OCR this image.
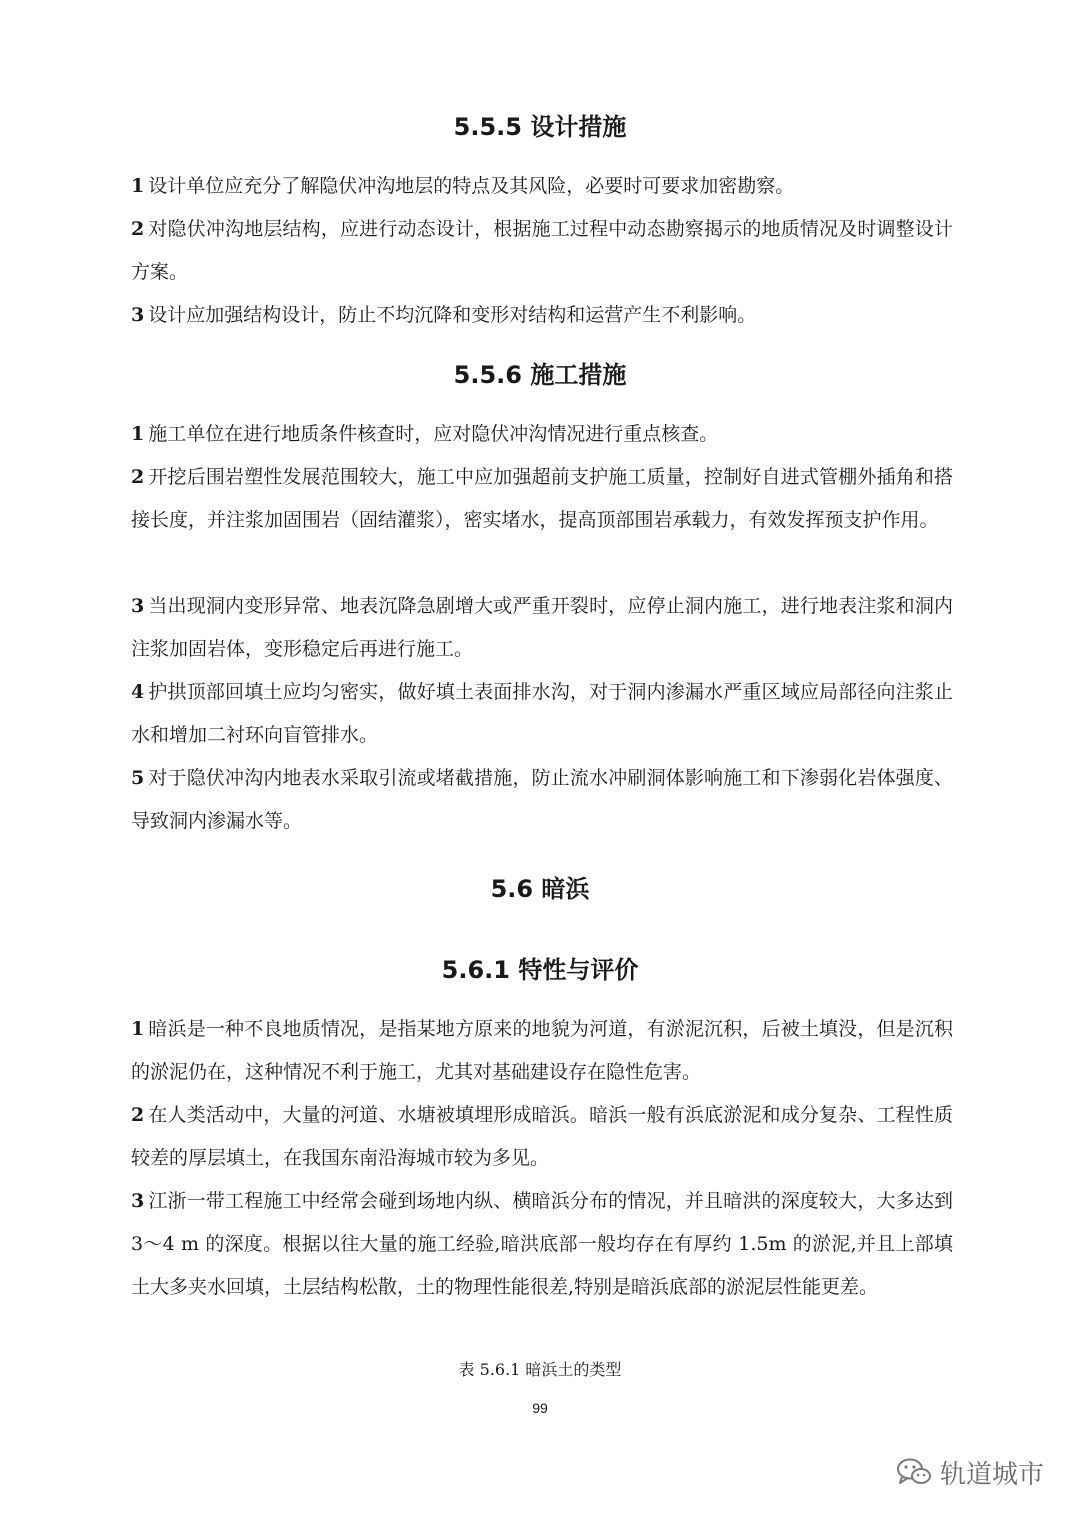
5.5.5 设计措施

1 设计单位应充分了解隐伏冲沟地层的特点及其风险，必要时可要求加密勘察。

2 对隐伏冲沟地层结构，应进行动态设计，根据施工过程中动态勘察揭示的地质情况及时调整设计方案。

3 设计应加强结构设计，防止不均沉降和变形对结构和运营产生不利影响。

5.5.6 施工措施

1 施工单位在进行地质条件核查时，应对隐伏冲沟情况进行重点核查。

2 开挖后围岩塑性发展范围较大，施工中应加强超前支护施工质量，控制好自进式管棚外插角和搭接长度，并注浆加固围岩（固结灌浆），密实堵水，提高顶部围岩承载力，有效发挥预支护作用。

3 当出现洞内变形异常、地表沉降急剧增大或严重开裂时，应停止洞内施工，进行地表注浆和洞内注浆加固岩体，变形稳定后再进行施工。

4 护拱顶部回填土应均匀密实，做好填土表面排水沟，对于洞内渗漏水严重区域应局部径向注浆止水和增加二衬环向盲管排水。

5 对于隐伏冲沟内地表水采取引流或堵截措施，防止流水冲刷洞体影响施工和下渗弱化岩体强度、导致洞内渗漏水等。

5.6 暗浜
5.6.1 特性与评价

1 暗浜是一种不良地质情况，是指某地方原来的地貌为河道，有淤泥沉积，后被土填没，但是沉积的淤泥仍在，这种情况不利于施工，尤其对基础建设存在隐性危害。

2 在人类活动中，大量的河道、水塘被填埋形成暗浜。暗浜一般有浜底淤泥和成分复杂、工程性质较差的厚层填土，在我国东南沿海城市较为多见。

3 江浙一带工程施工中经常会碰到场地内纵、横暗浜分布的情况，并且暗洪的深度较大，大多达到 3～4 m 的深度。根据以往大量的施工经验,暗洪底部一般均存在有厚约 1.5m 的淤泥,并且上部填土大多夹水回填，土层结构松散，土的物理性能很差,特别是暗浜底部的淤泥层性能更差。

表 5.6.1 暗浜土的类型

99
轨道城市
